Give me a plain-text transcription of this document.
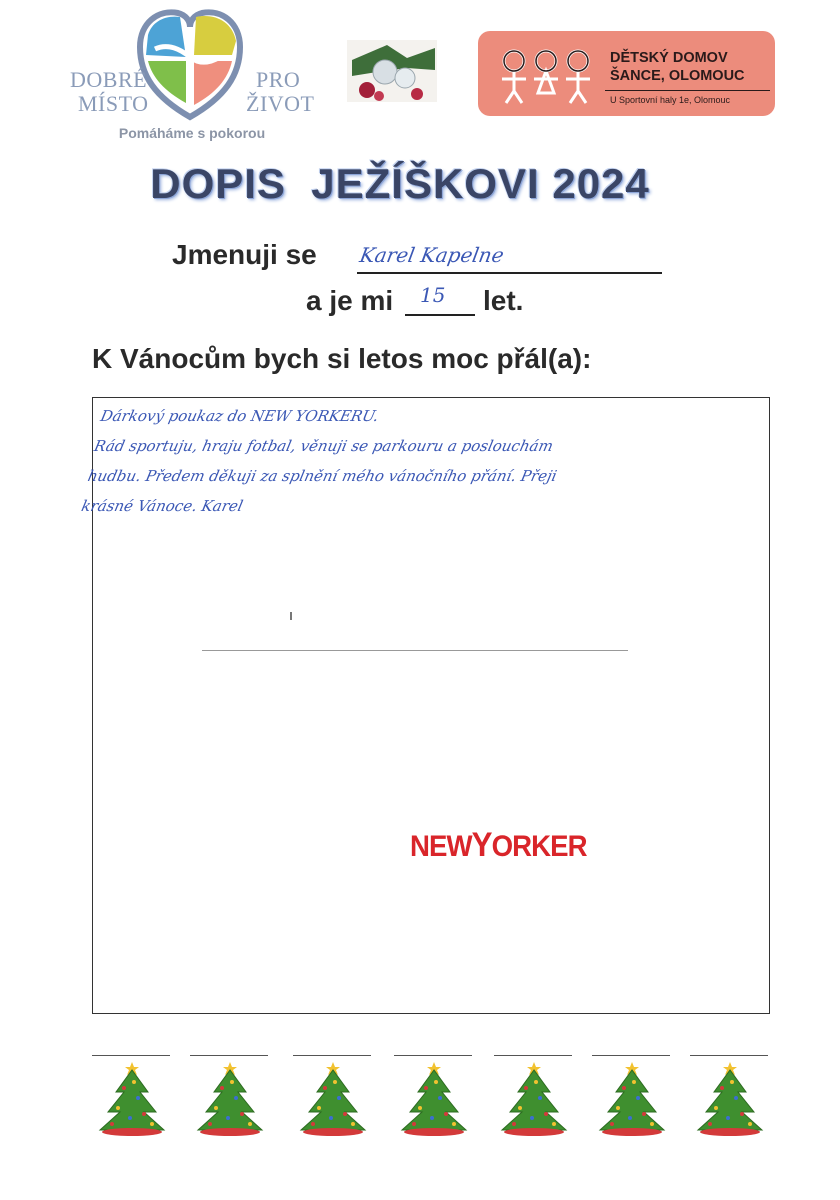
DOBRÉ	PRO
MÍSTO	ŽIVOT
Pomáháme s pokorou
DĚTSKÝ DOMOV
ŠANCE, OLOMOUC
U Sportovní haly 1e, Olomouc
DOPIS  JEŽÍŠKOVI 2024
Jmenuji se Karel Kapelne
a je mi 15 let.
K Vánocům bych si letos moc přál(a):
Dárkový poukaz do NEW YORKERU.
Rád sportuju, hraju fotbal, věnuji se parkouru a poslouchám
hudbu. Předem děkuji za splnění mého vánočního přání. Přeji
krásné Vánoce. Karel
NEWYORKER
